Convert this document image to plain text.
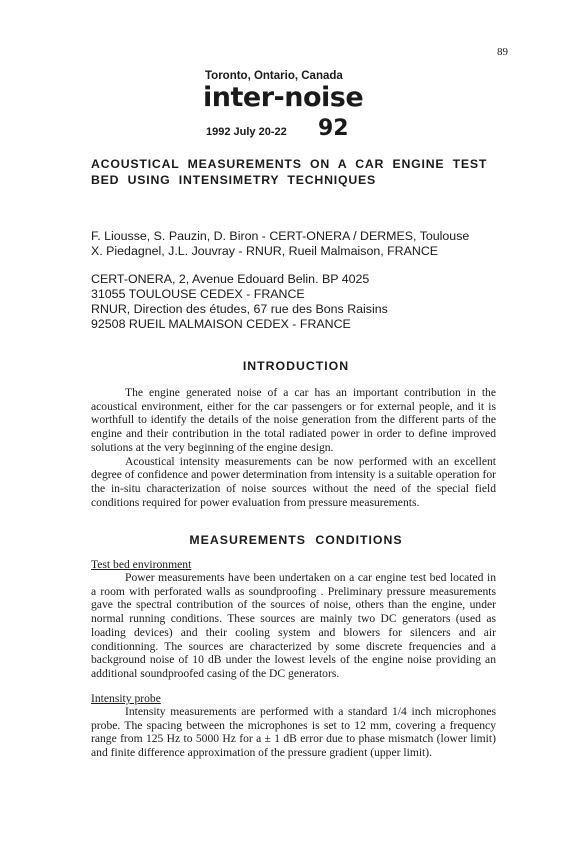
89
Toronto, Ontario, Canada
inter-noise
1992 July 20-22 92
ACOUSTICAL MEASUREMENTS ON A CAR ENGINE TEST BED USING INTENSIMETRY TECHNIQUES
F. Liousse, S. Pauzin, D. Biron - CERT-ONERA / DERMES, Toulouse
X. Piedagnel, J.L. Jouvray - RNUR, Rueil Malmaison, FRANCE
CERT-ONERA, 2, Avenue Edouard Belin. BP 4025
31055 TOULOUSE CEDEX - FRANCE
RNUR, Direction des études, 67 rue des Bons Raisins
92508 RUEIL MALMAISON CEDEX - FRANCE
INTRODUCTION

The engine generated noise of a car has an important contribution in the acoustical environment, either for the car passengers or for external people, and it is worthfull to identify the details of the noise generation from the different parts of the engine and their contribution in the total radiated power in order to define improved solutions at the very beginning of the engine design.

Acoustical intensity measurements can be now performed with an excellent degree of confidence and power determination from intensity is a suitable operation for the in-situ characterization of noise sources without the need of the special field conditions required for power evaluation from pressure measurements.

MEASUREMENTS CONDITIONS
Test bed environment

Power measurements have been undertaken on a car engine test bed located in a room with perforated walls as soundproofing . Preliminary pressure measurements gave the spectral contribution of the sources of noise, others than the engine, under normal running conditions. These sources are mainly two DC generators (used as loading devices) and their cooling system and blowers for silencers and air conditionning. The sources are characterized by some discrete frequencies and a background noise of 10 dB under the lowest levels of the engine noise providing an additional soundproofed casing of the DC generators.

Intensity probe

Intensity measurements are performed with a standard 1/4 inch microphones probe. The spacing between the microphones is set to 12 mm, covering a frequency range from 125 Hz to 5000 Hz for a ± 1 dB error due to phase mismatch (lower limit) and finite difference approximation of the pressure gradient (upper limit).
